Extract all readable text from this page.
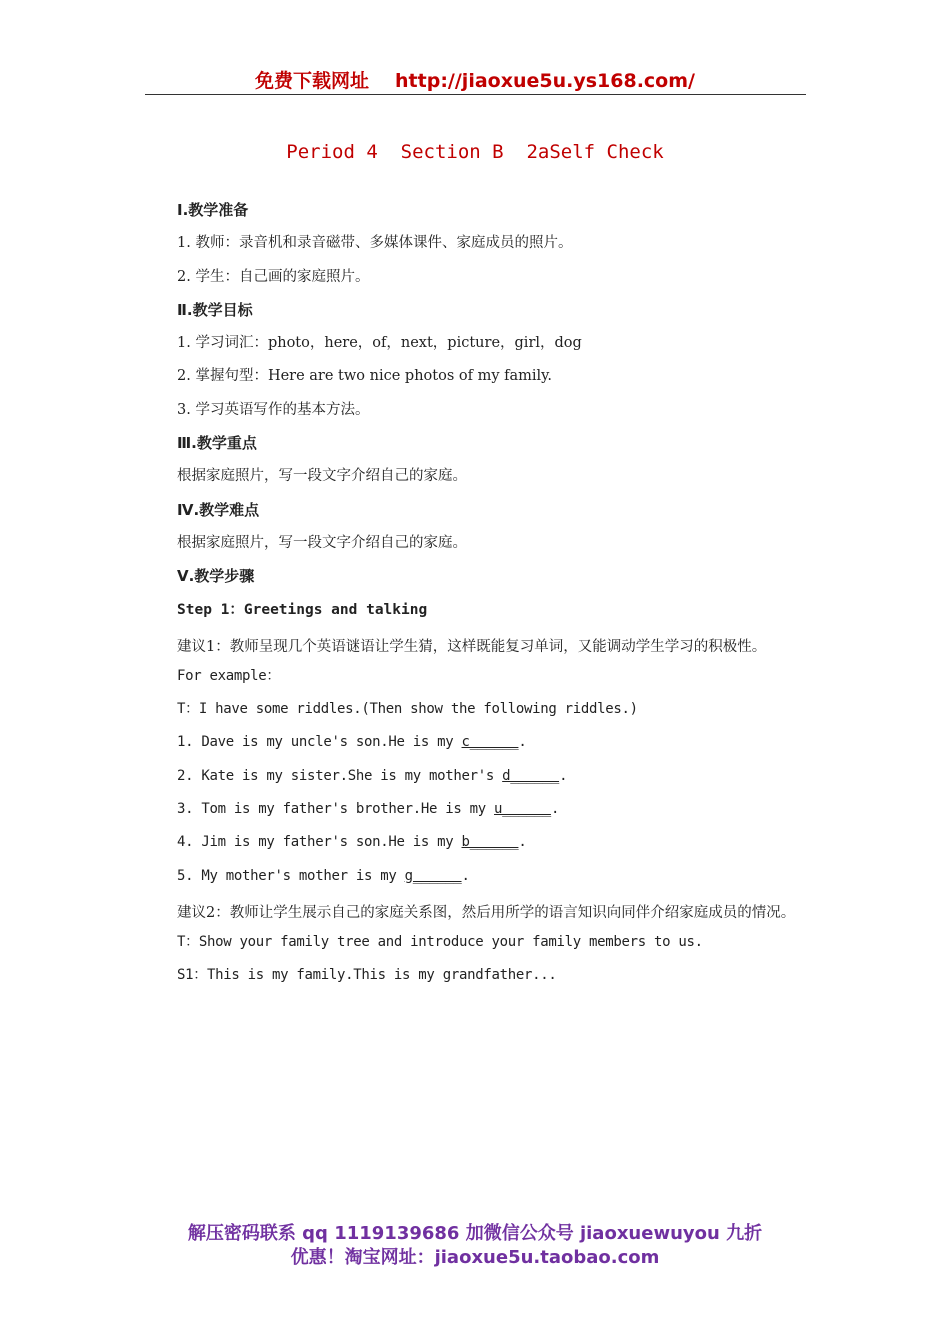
免费下载网址 http://jiaoxue5u.ys168.com/
Period 4  Section B  2aSelf Check
Ⅰ.教学准备
1. 教师：录音机和录音磁带、多媒体课件、家庭成员的照片。
2. 学生：自己画的家庭照片。
Ⅱ.教学目标
1. 学习词汇：photo，here，of，next，picture，girl，dog
2. 掌握句型：Here are two nice photos of my family.
3. 学习英语写作的基本方法。
Ⅲ.教学重点
根据家庭照片，写一段文字介绍自己的家庭。
Ⅳ.教学难点
根据家庭照片，写一段文字介绍自己的家庭。
Ⅴ.教学步骤
Step 1：Greetings and talking
建议1：教师呈现几个英语谜语让学生猜，这样既能复习单词，又能调动学生学习的积极性。
For example：
T：I have some riddles.(Then show the following riddles.)
1. Dave is my uncle's son.He is my c______.
2. Kate is my sister.She is my mother's d______.
3. Tom is my father's brother.He is my u______.
4. Jim is my father's son.He is my b______.
5. My mother's mother is my g______.
建议2：教师让学生展示自己的家庭关系图，然后用所学的语言知识向同伴介绍家庭成员的情况。
T：Show your family tree and introduce your family members to us.
S1：This is my family.This is my grandfather...
解压密码联系 qq 1119139686 加微信公众号 jiaoxuewuyou 九折
优惠！淘宝网址：jiaoxue5u.taobao.com
